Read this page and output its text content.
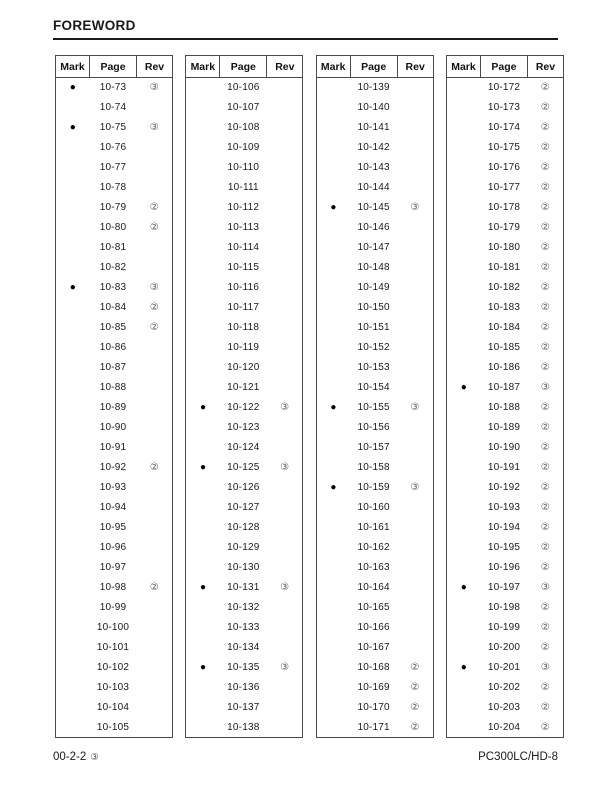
FOREWORD
Mark	Page	Rev
●	10-73	③
	10-74	
●	10-75	③
	10-76	
	10-77	
	10-78	
	10-79	②
	10-80	②
	10-81	
	10-82	
●	10-83	③
	10-84	②
	10-85	②
	10-86	
	10-87	
	10-88	
	10-89	
	10-90	
	10-91	
	10-92	②
	10-93	
	10-94	
	10-95	
	10-96	
	10-97	
	10-98	②
	10-99	
	10-100	
	10-101	
	10-102	
	10-103	
	10-104	
	10-105	
Mark	Page	Rev
	10-106	
	10-107	
	10-108	
	10-109	
	10-110	
	10-111	
	10-112	
	10-113	
	10-114	
	10-115	
	10-116	
	10-117	
	10-118	
	10-119	
	10-120	
	10-121	
●	10-122	③
	10-123	
	10-124	
●	10-125	③
	10-126	
	10-127	
	10-128	
	10-129	
	10-130	
●	10-131	③
	10-132	
	10-133	
	10-134	
●	10-135	③
	10-136	
	10-137	
	10-138	
Mark	Page	Rev
	10-139	
	10-140	
	10-141	
	10-142	
	10-143	
	10-144	
●	10-145	③
	10-146	
	10-147	
	10-148	
	10-149	
	10-150	
	10-151	
	10-152	
	10-153	
	10-154	
●	10-155	③
	10-156	
	10-157	
	10-158	
●	10-159	③
	10-160	
	10-161	
	10-162	
	10-163	
	10-164	
	10-165	
	10-166	
	10-167	
	10-168	②
	10-169	②
	10-170	②
	10-171	②
Mark	Page	Rev
	10-172	②
	10-173	②
	10-174	②
	10-175	②
	10-176	②
	10-177	②
	10-178	②
	10-179	②
	10-180	②
	10-181	②
	10-182	②
	10-183	②
	10-184	②
	10-185	②
	10-186	②
●	10-187	③
	10-188	②
	10-189	②
	10-190	②
	10-191	②
	10-192	②
	10-193	②
	10-194	②
	10-195	②
	10-196	②
●	10-197	③
	10-198	②
	10-199	②
	10-200	②
●	10-201	③
	10-202	②
	10-203	②
	10-204	②
00-2-2 ③	PC300LC/HD-8
